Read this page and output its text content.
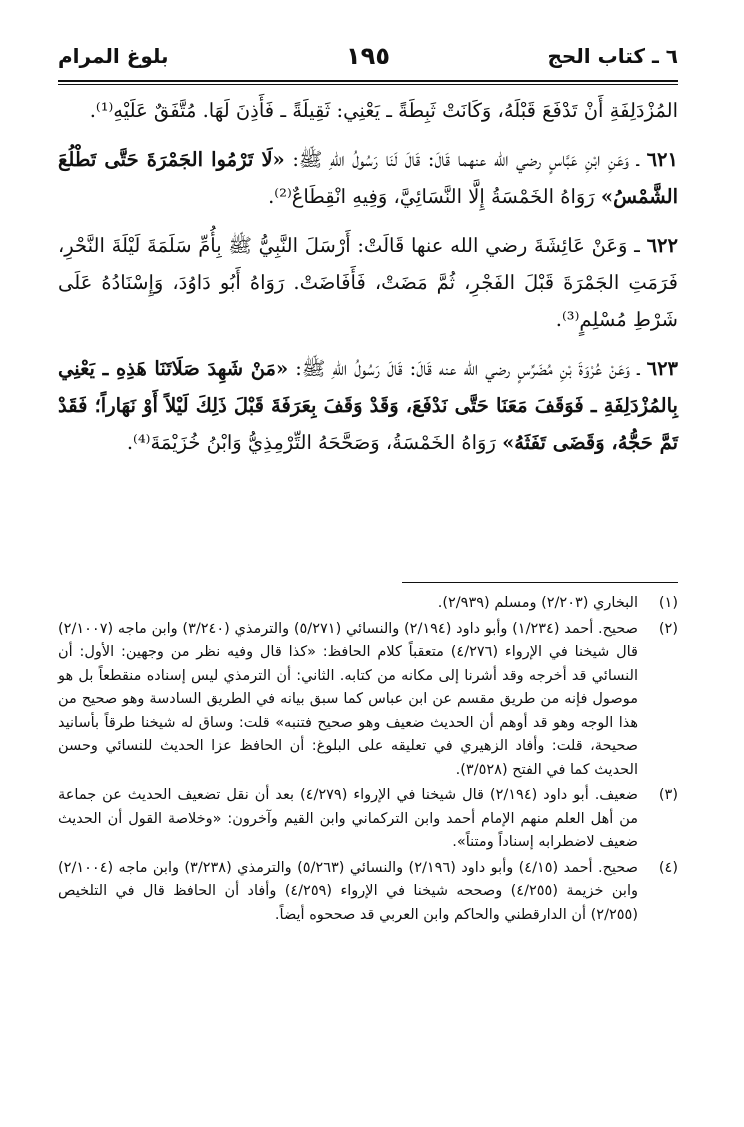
٦ ـ كتاب الحج
١٩٥
بلوغ المرام

المُزْدَلِفَةِ أَنْ تَدْفَعَ قَبْلَهُ، وَكَانَتْ ثَبِطَةً ـ يَعْنِي: ثَقِيلَةً ـ فَأَذِنَ لَهَا. مُتَّفَقٌ عَلَيْهِ⁽¹⁾.

٦٢١ ـ وَعَنِ ابْنِ عَبَّاسٍ رضي الله عنهما قَالَ: قَالَ لَنَا رَسُولُ اللهِ ﷺ: «لَا تَرْمُوا الجَمْرَةَ حَتَّى تَطْلُعَ الشَّمْسُ» رَوَاهُ الخَمْسَةُ إِلَّا النَّسَائِيَّ، وَفِيهِ انْقِطَاعٌ⁽²⁾.

٦٢٢ ـ وَعَنْ عَائِشَةَ رضي الله عنها قَالَتْ: أَرْسَلَ النَّبِيُّ ﷺ بِأُمِّ سَلَمَةَ لَيْلَةَ النَّحْرِ، فَرَمَتِ الجَمْرَةَ قَبْلَ الفَجْرِ، ثُمَّ مَضَتْ، فَأَفَاضَتْ. رَوَاهُ أَبُو دَاوُدَ، وَإِسْنَادُهُ عَلَى شَرْطِ مُسْلِمٍ⁽³⁾.

٦٢٣ ـ وَعَنْ عُرْوَةَ بْنِ مُضَرِّسٍ رضي الله عنه قَالَ: قَالَ رَسُولُ اللهِ ﷺ: «مَنْ شَهِدَ صَلَاتَنَا هَذِهِ ـ يَعْنِي بِالمُزْدَلِفَةِ ـ فَوَقَفَ مَعَنَا حَتَّى نَدْفَعَ، وَقَدْ وَقَفَ بِعَرَفَةَ قَبْلَ ذَلِكَ لَيْلاً أَوْ نَهَاراً؛ فَقَدْ تَمَّ حَجُّهُ، وَقَضَى تَفَثَهُ» رَوَاهُ الخَمْسَةُ، وَصَحَّحَهُ التِّرْمِذِيُّ وَابْنُ خُزَيْمَةَ⁽⁴⁾.

(١)
البخاري (٢/٢٠٣) ومسلم (٢/٩٣٩).
(٢)
صحيح. أحمد (١/٢٣٤) وأبو داود (٢/١٩٤) والنسائي (٥/٢٧١) والترمذي (٣/٢٤٠) وابن ماجه (٢/١٠٠٧) قال شيخنا في الإرواء (٤/٢٧٦) متعقباً كلام الحافظ: «كذا قال وفيه نظر من وجهين: الأول: أن النسائي قد أخرجه وقد أشرنا إلى مكانه من كتابه. الثاني: أن الترمذي ليس إسناده منقطعاً بل هو موصول فإنه من طريق مقسم عن ابن عباس كما سبق بيانه في الطريق السادسة وهو صحيح من هذا الوجه وهو قد أوهم أن الحديث ضعيف وهو صحيح فتنبه» قلت: وساق له شيخنا طرقاً بأسانيد صحيحة، قلت: وأفاد الزهيري في تعليقه على البلوغ: أن الحافظ عزا الحديث للنسائي وحسن الحديث كما في الفتح (٣/٥٢٨).
(٣)
ضعيف. أبو داود (٢/١٩٤) قال شيخنا في الإرواء (٤/٢٧٩) بعد أن نقل تضعيف الحديث عن جماعة من أهل العلم منهم الإمام أحمد وابن التركماني وابن القيم وآخرون: «وخلاصة القول أن الحديث ضعيف لاضطرابه إسناداً ومتناً».
(٤)
صحيح. أحمد (٤/١٥) وأبو داود (٢/١٩٦) والنسائي (٥/٢٦٣) والترمذي (٣/٢٣٨) وابن ماجه (٢/١٠٠٤) وابن خزيمة (٤/٢٥٥) وصححه شيخنا في الإرواء (٤/٢٥٩) وأفاد أن الحافظ قال في التلخيص (٢/٢٥٥) أن الدارقطني والحاكم وابن العربي قد صححوه أيضاً.
